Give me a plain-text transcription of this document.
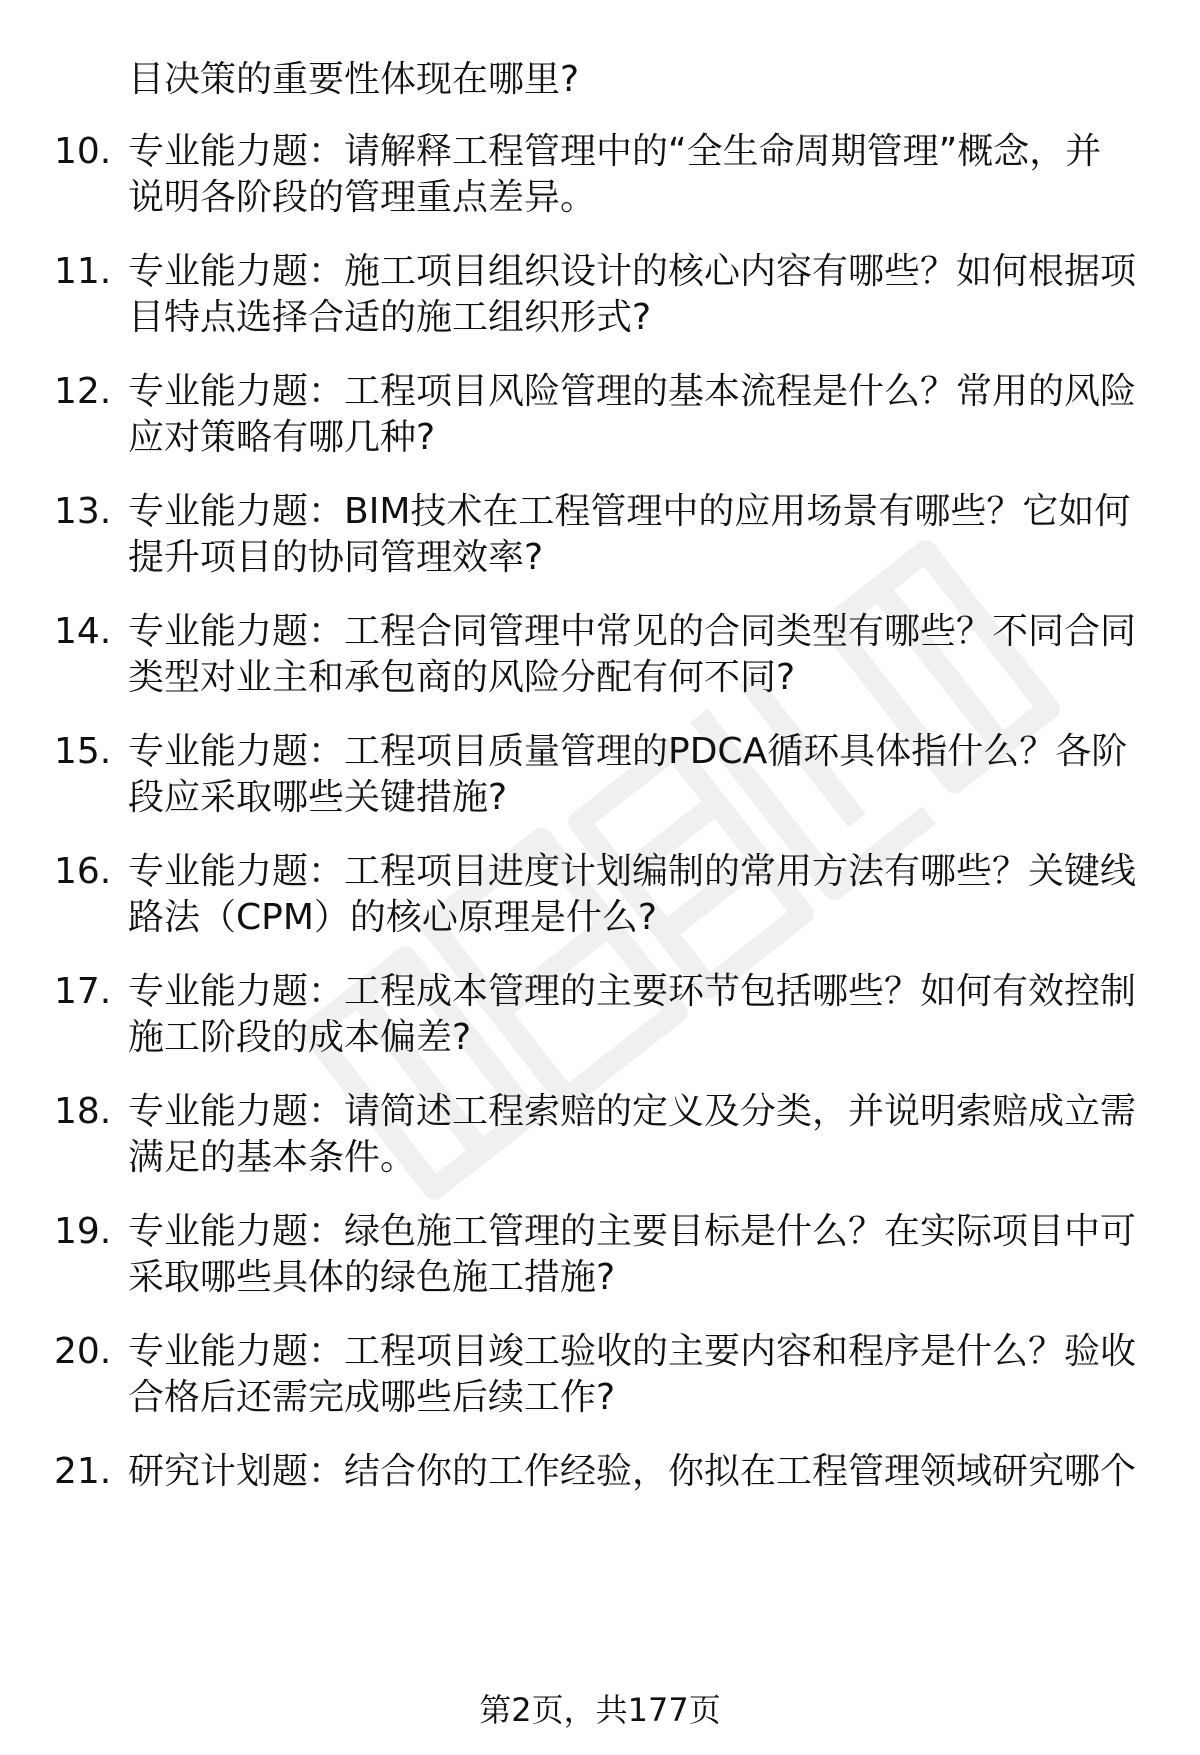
目决策的重要性体现在哪里?
10. 专业能力题：请解释工程管理中的“全生命周期管理”概念，并
说明各阶段的管理重点差异。
11. 专业能力题：施工项目组织设计的核心内容有哪些？如何根据项
目特点选择合适的施工组织形式?
12. 专业能力题：工程项目风险管理的基本流程是什么？常用的风险
应对策略有哪几种?
13. 专业能力题：BIM技术在工程管理中的应用场景有哪些？它如何
提升项目的协同管理效率?
14. 专业能力题：工程合同管理中常见的合同类型有哪些？不同合同
类型对业主和承包商的风险分配有何不同?
15. 专业能力题：工程项目质量管理的PDCA循环具体指什么？各阶
段应采取哪些关键措施?
16. 专业能力题：工程项目进度计划编制的常用方法有哪些？关键线
路法（CPM）的核心原理是什么?
17. 专业能力题：工程成本管理的主要环节包括哪些？如何有效控制
施工阶段的成本偏差?
18. 专业能力题：请简述工程索赔的定义及分类，并说明索赔成立需
满足的基本条件。
19. 专业能力题：绿色施工管理的主要目标是什么？在实际项目中可
采取哪些具体的绿色施工措施?
20. 专业能力题：工程项目竣工验收的主要内容和程序是什么？验收
合格后还需完成哪些后续工作?
21. 研究计划题：结合你的工作经验，你拟在工程管理领域研究哪个
第2页，共177页
